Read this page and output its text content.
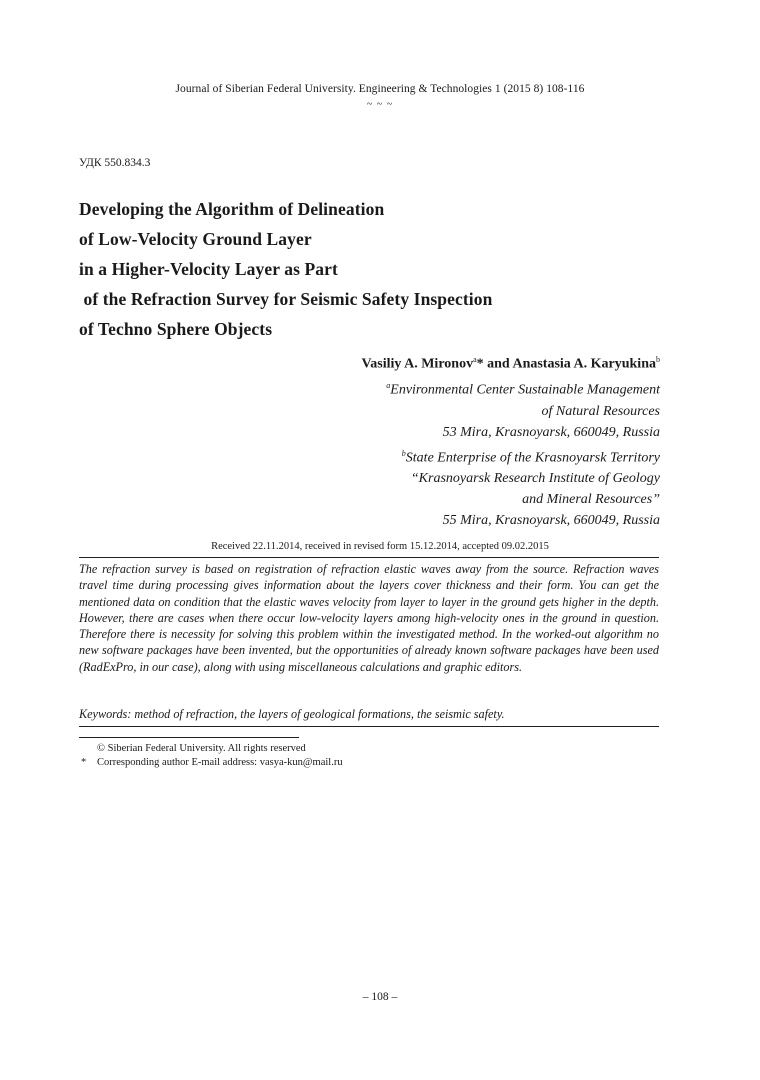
Journal of Siberian Federal University. Engineering & Technologies 1 (2015 8) 108-116
~ ~ ~
УДК 550.834.3
Developing the Algorithm of Delineation
of Low-Velocity Ground Layer
in a Higher-Velocity Layer as Part
of the Refraction Survey for Seismic Safety Inspection
of Techno Sphere Objects
Vasiliy A. Mironov$^a$* and Anastasia A. Karyukina$^b$
$^a$Environmental Center Sustainable Management
of Natural Resources
53 Mira, Krasnoyarsk, 660049, Russia
$^b$State Enterprise of the Krasnoyarsk Territory
“Krasnoyarsk Research Institute of Geology
and Mineral Resources”
55 Mira, Krasnoyarsk, 660049, Russia
Received 22.11.2014, received in revised form 15.12.2014, accepted 09.02.2015
The refraction survey is based on registration of refraction elastic waves away from the source. Refraction waves travel time during processing gives information about the layers cover thickness and their form. You can get the mentioned data on condition that the elastic waves velocity from layer to layer in the ground gets higher in the depth. However, there are cases when there occur low-velocity layers among high-velocity ones in the ground in question. Therefore there is necessity for solving this problem within the investigated method. In the worked-out algorithm no new software packages have been invented, but the opportunities of already known software packages have been used (RadExPro, in our case), along with using miscellaneous calculations and graphic editors.
Keywords: method of refraction, the layers of geological formations, the seismic safety.
© Siberian Federal University. All rights reserved
* Corresponding author E-mail address: vasya-kun@mail.ru
– 108 –
